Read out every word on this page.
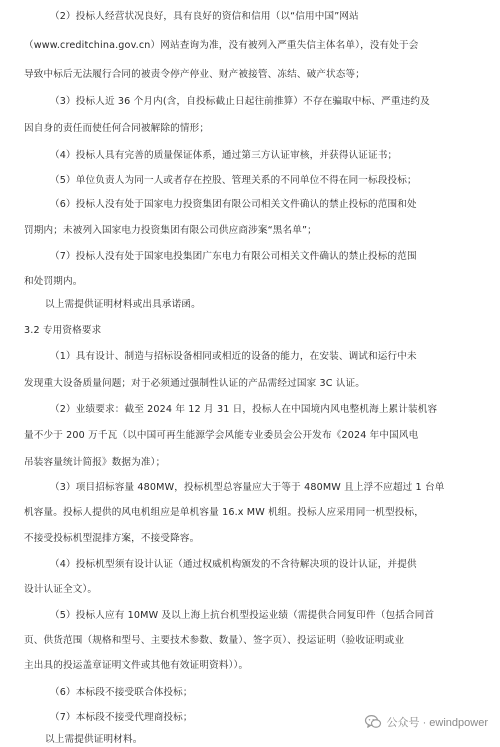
（2）投标人经营状况良好，具有良好的资信和信用（以“信用中国”网站
（www.creditchina.gov.cn）网站查询为准，没有被列入严重失信主体名单），没有处于会
导致中标后无法履行合同的被责令停产停业、财产被接管、冻结、破产状态等；
（3）投标人近 36 个月内(含，自投标截止日起往前推算）不存在骗取中标、严重违约及
因自身的责任而使任何合同被解除的情形；
（4）投标人具有完善的质量保证体系，通过第三方认证审核，并获得认证证书；
（5）单位负责人为同一人或者存在控股、管理关系的不同单位不得在同一标段投标；
（6）投标人没有处于国家电力投资集团有限公司相关文件确认的禁止投标的范围和处
罚期内；未被列入国家电力投资集团有限公司供应商涉案“黑名单”；
（7）投标人没有处于国家电投集团广东电力有限公司相关文件确认的禁止投标的范围
和处罚期内。
以上需提供证明材料或出具承诺函。
3.2 专用资格要求
（1）具有设计、制造与招标设备相同或相近的设备的能力，在安装、调试和运行中未
发现重大设备质量问题；对于必须通过强制性认证的产品需经过国家 3C 认证。
（2）业绩要求：截至 2024 年 12 月 31 日，投标人在中国境内风电整机海上累计装机容
量不少于 200 万千瓦（以中国可再生能源学会风能专业委员会公开发布《2024 年中国风电
吊装容量统计简报》数据为准）；
（3）项目招标容量 480MW，投标机型总容量应大于等于 480MW 且上浮不应超过 1 台单
机容量。投标人提供的风电机组应是单机容量 16.x MW 机组。投标人应采用同一机型投标，
不接受投标机型混排方案，不接受降容。
（4）投标机型须有设计认证（通过权威机构颁发的不含待解决项的设计认证，并提供
设计认证全文）。
（5）投标人应有 10MW 及以上海上抗台机型投运业绩（需提供合同复印件（包括合同首
页、供货范围（规格和型号、主要技术参数、数量）、签字页）、投运证明（验收证明或业
主出具的投运盖章证明文件或其他有效证明资料））。
（6）本标段不接受联合体投标；
（7）本标段不接受代理商投标；
以上需提供证明材料。
公众号 · ewindpower
